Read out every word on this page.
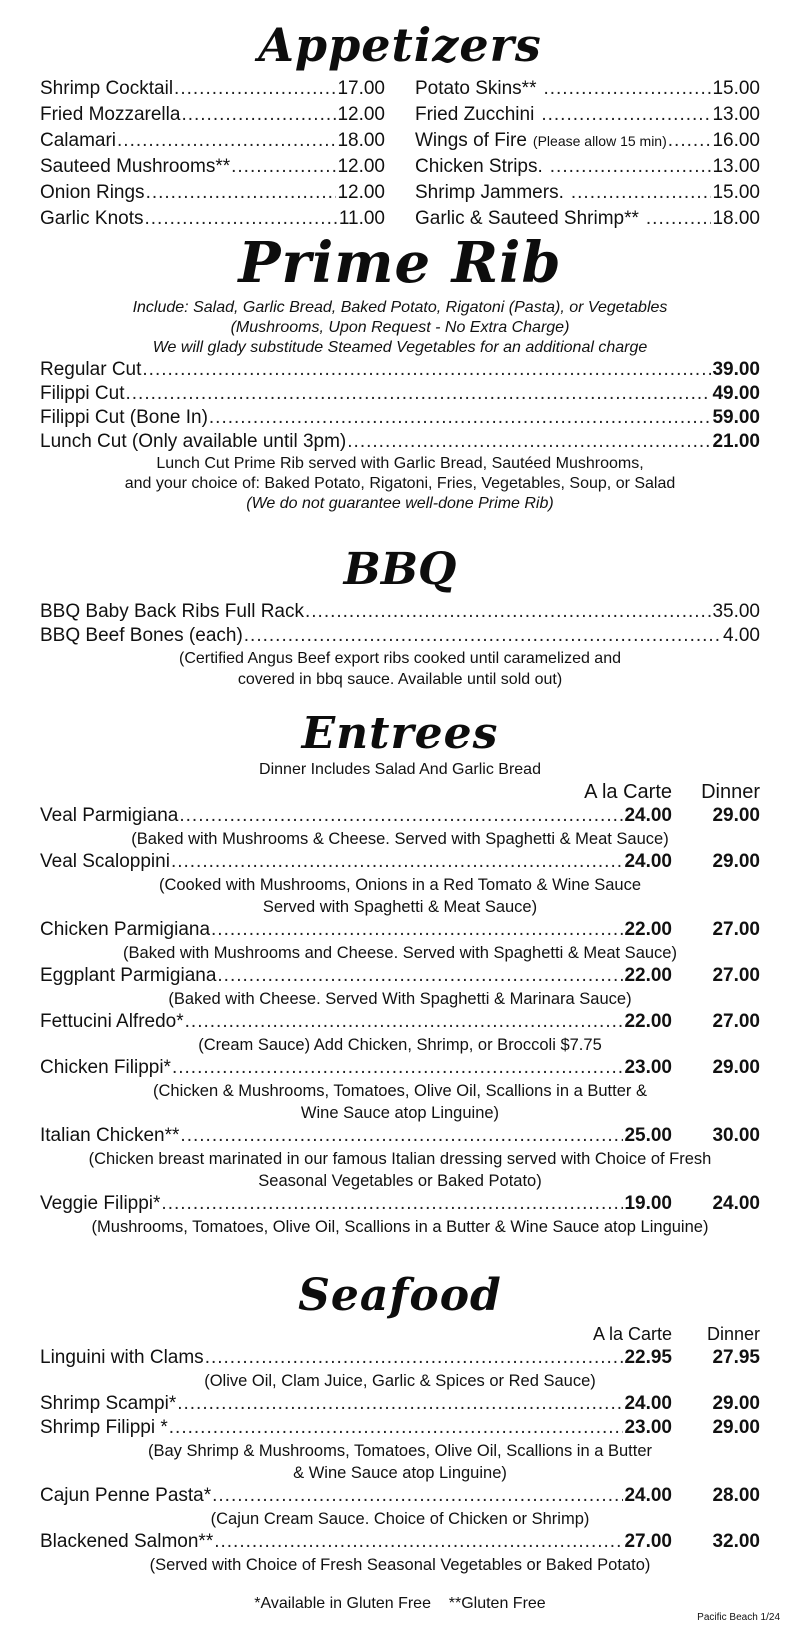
Appetizers
Shrimp Cocktail .....	17.00
Fried Mozzarella .....	12.00
Calamari .....	18.00
Sauteed Mushrooms** .....	12.00
Onion Rings .....	12.00
Garlic Knots .....	11.00
Potato Skins** .....	15.00
Fried Zucchini .....	13.00
Wings of Fire (Please allow 15 min) ..... 16.00
Chicken Strips. .....	13.00
Shrimp Jammers. .....	15.00
Garlic & Sauteed Shrimp** .....	18.00
Prime Rib
Include: Salad, Garlic Bread, Baked Potato, Rigatoni (Pasta), or Vegetables
(Mushrooms, Upon Request - No Extra Charge)
We will glady substitude Steamed Vegetables for an additional charge
Regular Cut .....	39.00
Filippi Cut .....	49.00
Filippi Cut (Bone In) .....	59.00
Lunch Cut (Only available until 3pm) .....	21.00
Lunch Cut Prime Rib served with Garlic Bread, Sautéed Mushrooms,
and your choice of: Baked Potato, Rigatoni, Fries, Vegetables, Soup, or Salad
(We do not guarantee well-done Prime Rib)
BBQ
BBQ Baby Back Ribs Full Rack .....	35.00
BBQ Beef Bones (each) .....	4.00
(Certified Angus Beef export ribs cooked until caramelized and
covered in bbq sauce. Available until sold out)
Entrees
Dinner Includes Salad And Garlic Bread
A la Carte	Dinner
Veal Parmigiana .....	24.00	29.00
(Baked with Mushrooms & Cheese. Served with Spaghetti & Meat Sauce)
Veal Scaloppini .....	24.00	29.00
(Cooked with Mushrooms, Onions in a Red Tomato & Wine Sauce
Served with Spaghetti & Meat Sauce)
Chicken Parmigiana .....	22.00	27.00
(Baked with Mushrooms and Cheese. Served with Spaghetti & Meat Sauce)
Eggplant Parmigiana .....	22.00	27.00
(Baked with Cheese. Served With Spaghetti & Marinara Sauce)
Fettucini Alfredo* .....	22.00	27.00
(Cream Sauce) Add Chicken, Shrimp, or Broccoli $7.75
Chicken Filippi* .....	23.00	29.00
(Chicken & Mushrooms, Tomatoes, Olive Oil, Scallions in a Butter &
Wine Sauce atop Linguine)
Italian Chicken** .....	25.00	30.00
(Chicken breast marinated in our famous Italian dressing served with Choice of Fresh
Seasonal Vegetables or Baked Potato)
Veggie Filippi* .....	19.00	24.00
(Mushrooms, Tomatoes, Olive Oil, Scallions in a Butter & Wine Sauce atop Linguine)
Seafood
A la Carte	Dinner
Linguini with Clams .....	22.95	27.95
(Olive Oil, Clam Juice, Garlic & Spices or Red Sauce)
Shrimp Scampi* .....	24.00	29.00
Shrimp Filippi * .....	23.00	29.00
(Bay Shrimp & Mushrooms, Tomatoes, Olive Oil, Scallions in a Butter
& Wine Sauce atop Linguine)
Cajun Penne Pasta* .....	24.00	28.00
(Cajun Cream Sauce. Choice of Chicken or Shrimp)
Blackened Salmon** .....	27.00	32.00
(Served with Choice of Fresh Seasonal Vegetables or Baked Potato)
*Available in Gluten Free    **Gluten Free
Pacific Beach 1/24
